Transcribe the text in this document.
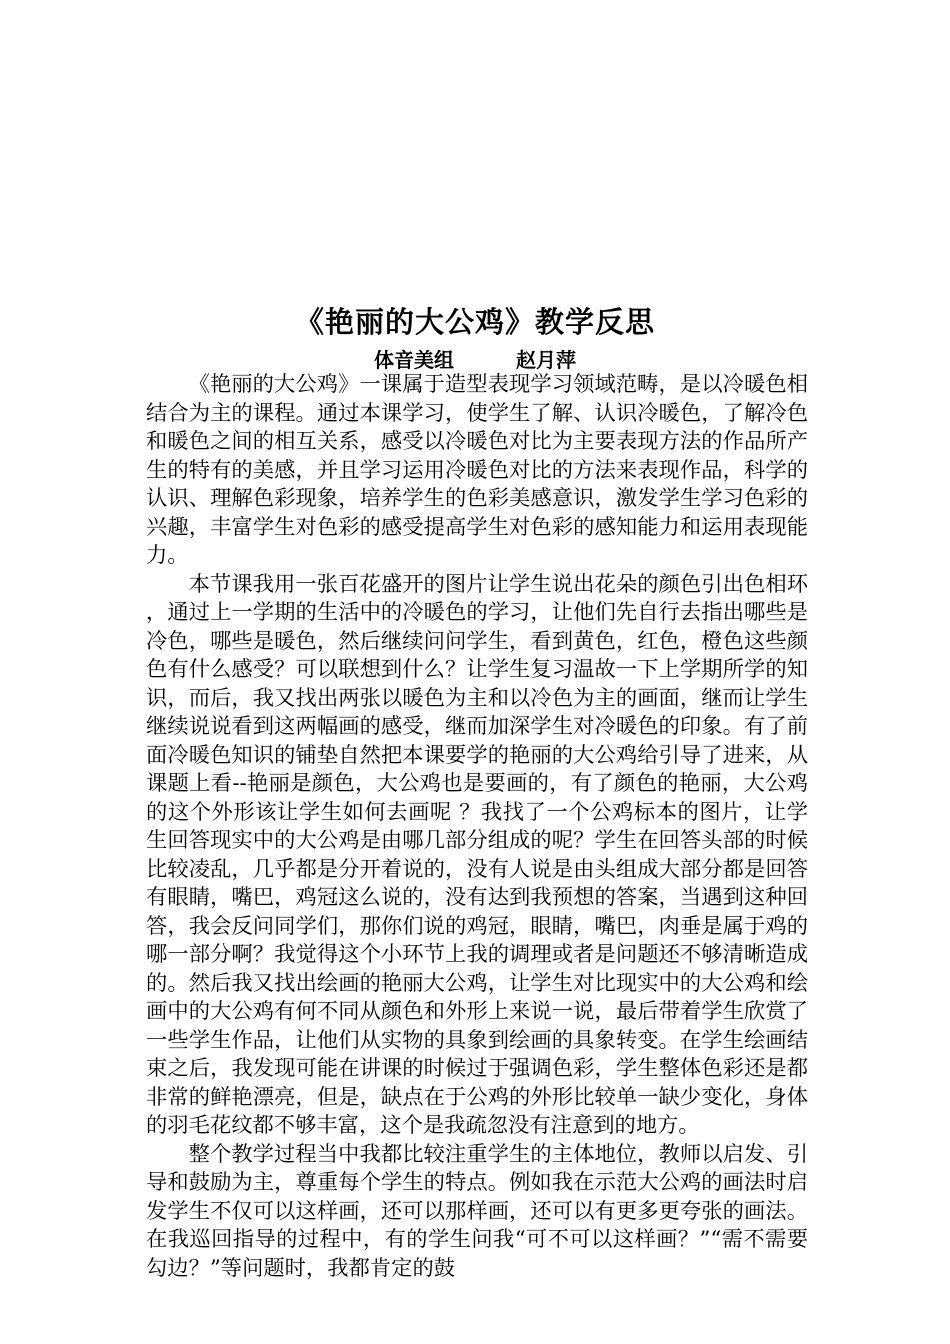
《艳丽的大公鸡》教学反思
体音美组	赵月萍

《艳丽的大公鸡》一课属于造型表现学习领域范畴，是以冷暖色相结合为主的课程。通过本课学习，使学生了解、认识冷暖色，了解冷色和暖色之间的相互关系，感受以冷暖色对比为主要表现方法的作品所产生的特有的美感，并且学习运用冷暖色对比的方法来表现作品，科学的认识、理解色彩现象，培养学生的色彩美感意识，激发学生学习色彩的兴趣，丰富学生对色彩的感受提高学生对色彩的感知能力和运用表现能力。

本节课我用一张百花盛开的图片让学生说出花朵的颜色引出色相环，通过上一学期的生活中的冷暖色的学习，让他们先自行去指出哪些是冷色，哪些是暖色，然后继续问问学生，看到黄色，红色，橙色这些颜色有什么感受？可以联想到什么？让学生复习温故一下上学期所学的知识，而后，我又找出两张以暖色为主和以冷色为主的画面，继而让学生继续说说看到这两幅画的感受，继而加深学生对冷暖色的印象。有了前面冷暖色知识的铺垫自然把本课要学的艳丽的大公鸡给引导了进来，从课题上看--艳丽是颜色，大公鸡也是要画的，有了颜色的艳丽，大公鸡的这个外形该让学生如何去画呢 ？我找了一个公鸡标本的图片，让学生回答现实中的大公鸡是由哪几部分组成的呢？学生在回答头部的时候比较凌乱，几乎都是分开着说的，没有人说是由头组成大部分都是回答有眼睛，嘴巴，鸡冠这么说的，没有达到我预想的答案，当遇到这种回答，我会反问同学们，那你们说的鸡冠，眼睛，嘴巴，肉垂是属于鸡的哪一部分啊？我觉得这个小环节上我的调理或者是问题还不够清晰造成的。然后我又找出绘画的艳丽大公鸡，让学生对比现实中的大公鸡和绘画中的大公鸡有何不同从颜色和外形上来说一说，最后带着学生欣赏了一些学生作品，让他们从实物的具象到绘画的具象转变。在学生绘画结束之后，我发现可能在讲课的时候过于强调色彩，学生整体色彩还是都非常的鲜艳漂亮，但是，缺点在于公鸡的外形比较单一缺少变化，身体的羽毛花纹都不够丰富，这个是我疏忽没有注意到的地方。

整个教学过程当中我都比较注重学生的主体地位，教师以启发、引导和鼓励为主，尊重每个学生的特点。例如我在示范大公鸡的画法时启发学生不仅可以这样画，还可以那样画，还可以有更多更夸张的画法。在我巡回指导的过程中，有的学生问我“可不可以这样画？”“需不需要勾边？”等问题时，我都肯定的鼓
